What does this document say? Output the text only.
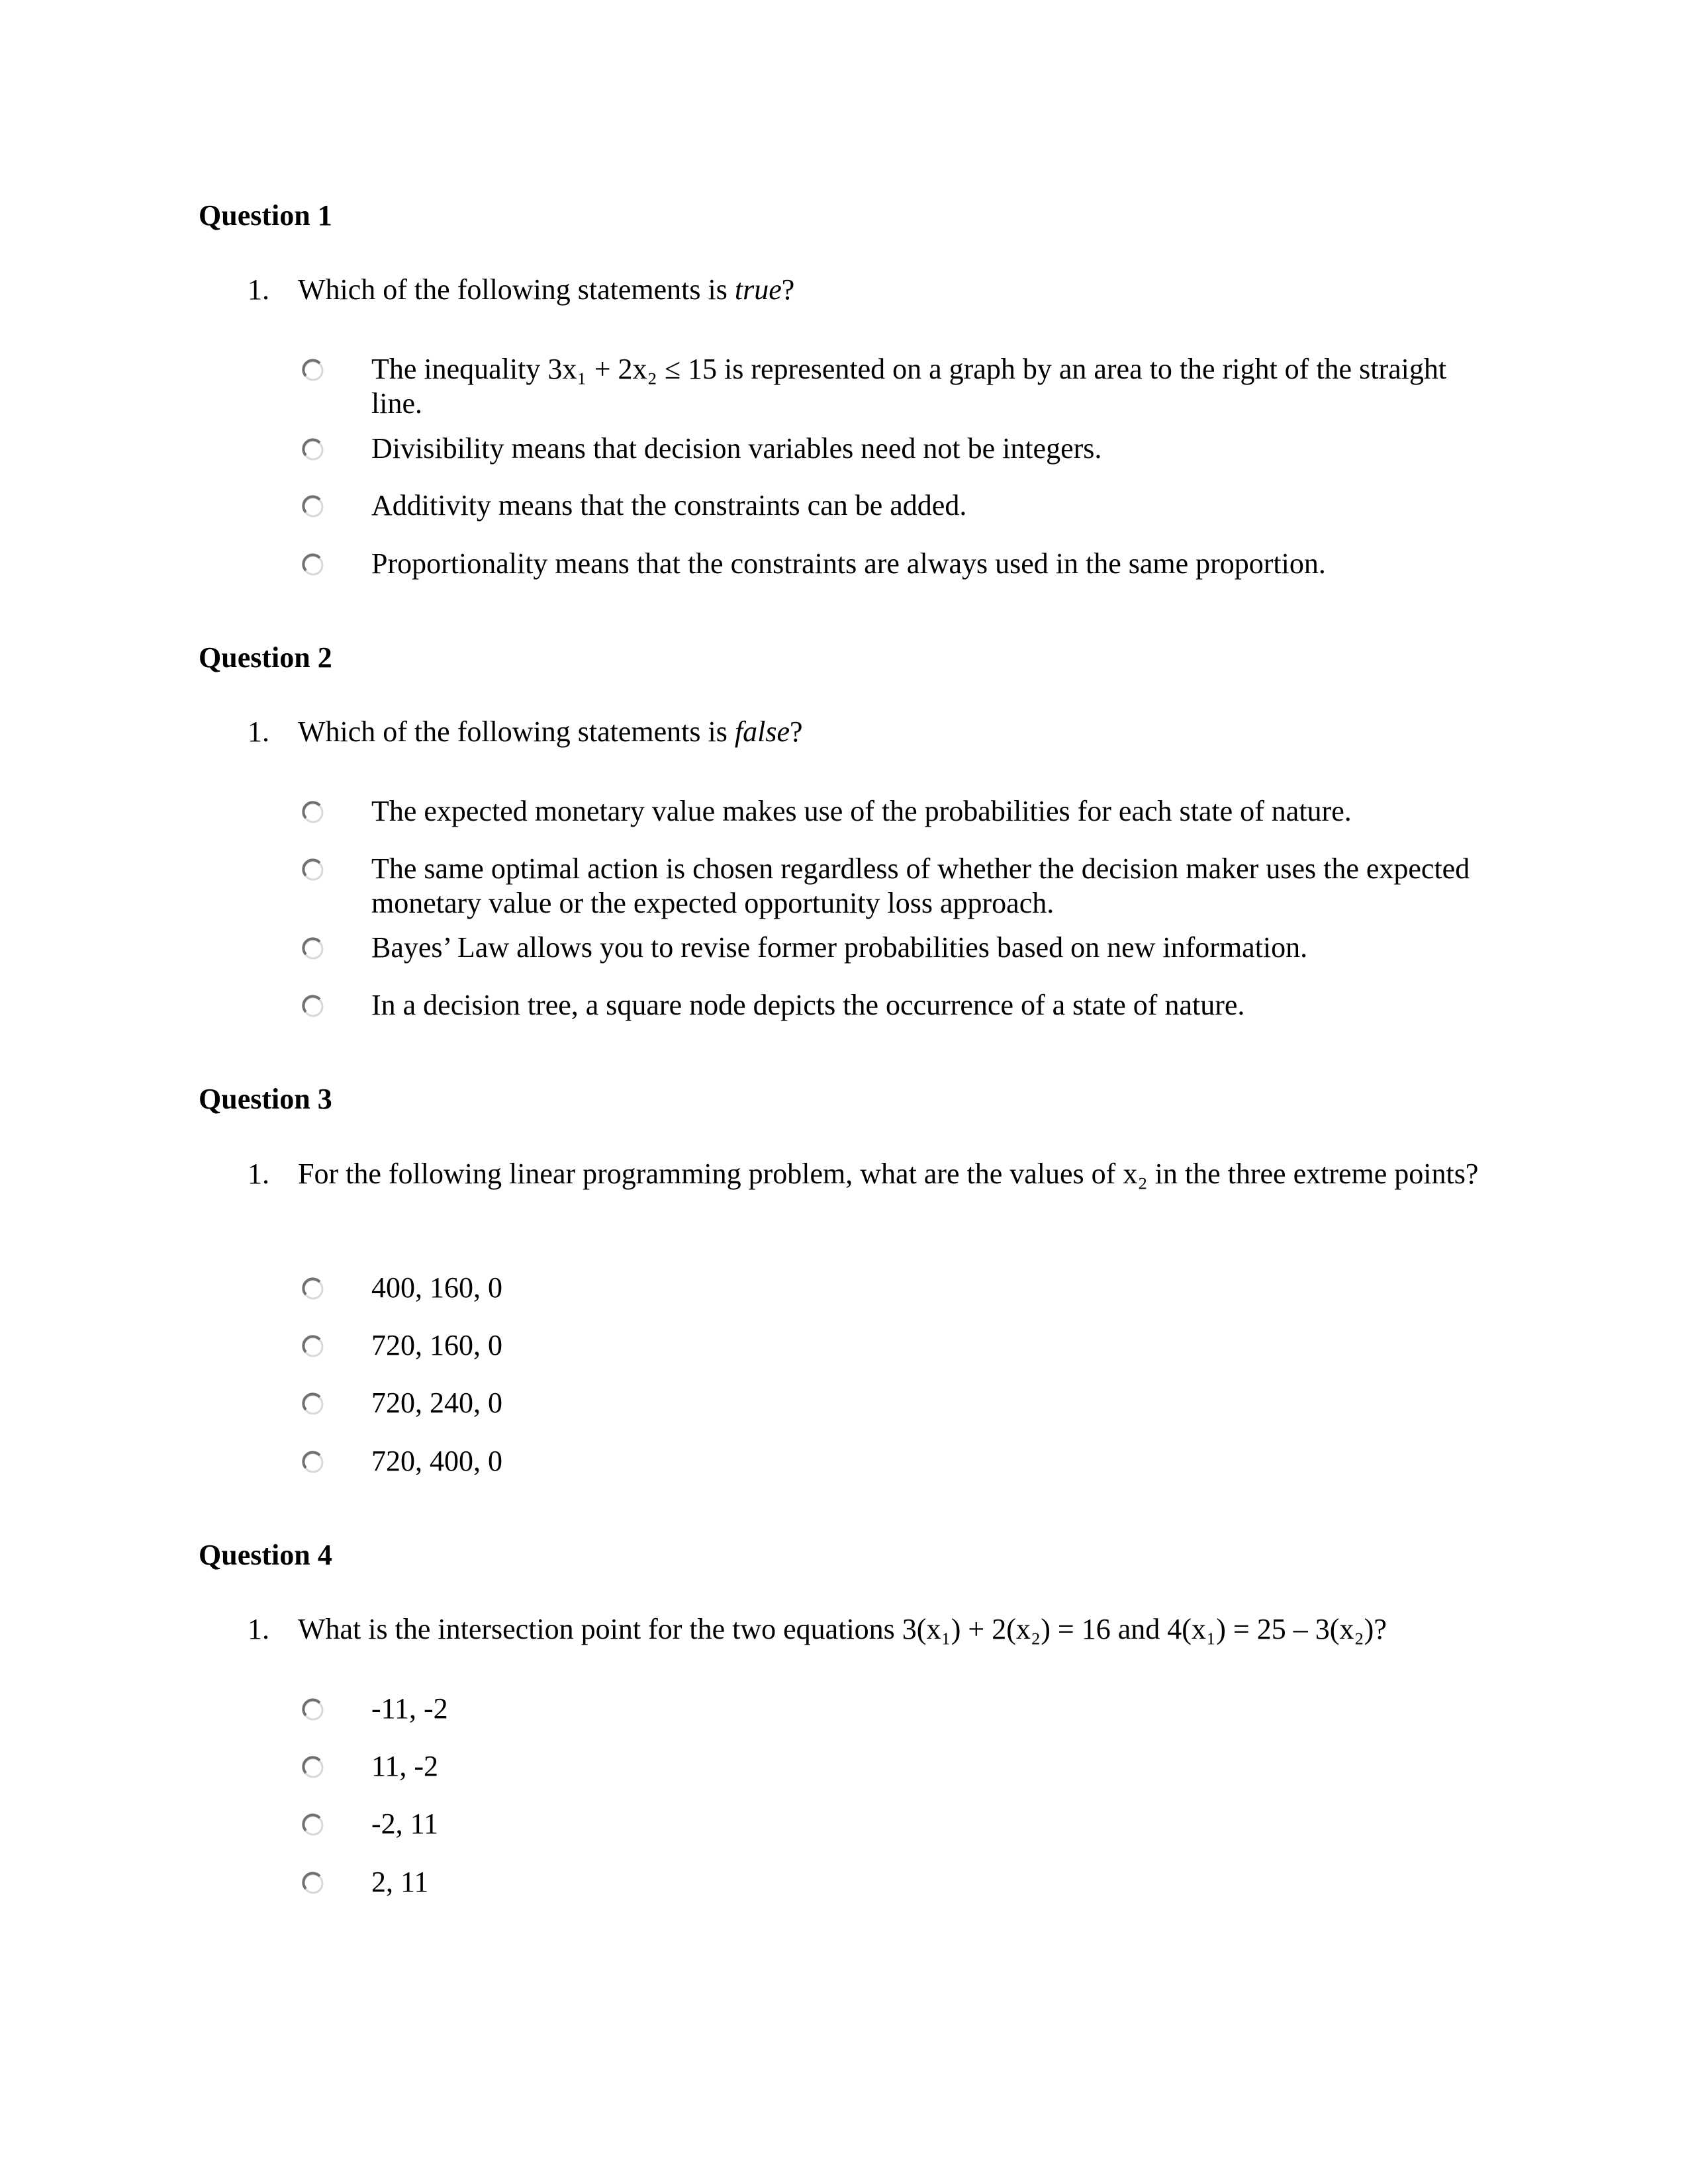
Question 1
1. Which of the following statements is true?
The inequality 3x₁ + 2x₂ ≤ 15 is represented on a graph by an area to the right of the straight line.
Divisibility means that decision variables need not be integers.
Additivity means that the constraints can be added.
Proportionality means that the constraints are always used in the same proportion.
Question 2
1. Which of the following statements is false?
The expected monetary value makes use of the probabilities for each state of nature.
The same optimal action is chosen regardless of whether the decision maker uses the expected monetary value or the expected opportunity loss approach.
Bayes’ Law allows you to revise former probabilities based on new information.
In a decision tree, a square node depicts the occurrence of a state of nature.
Question 3
1. For the following linear programming problem, what are the values of x₂ in the three extreme points?
400, 160, 0
720, 160, 0
720, 240, 0
720, 400, 0
Question 4
1. What is the intersection point for the two equations 3(x₁) + 2(x₂) = 16 and 4(x₁) = 25 – 3(x₂)?
-11, -2
11, -2
-2, 11
2, 11
